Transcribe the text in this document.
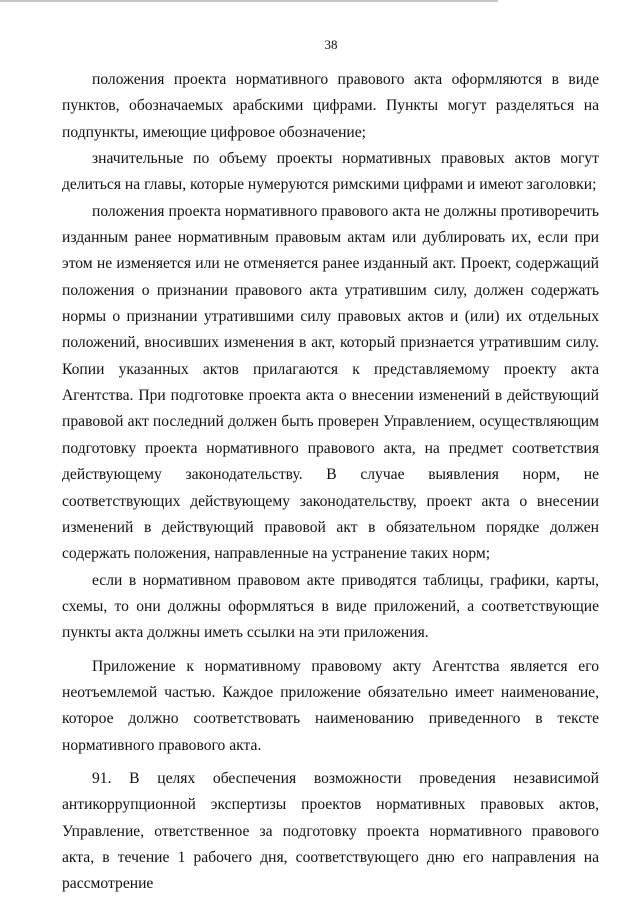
38

положения проекта нормативного правового акта оформляются в виде пунктов, обозначаемых арабскими цифрами. Пункты могут разделяться на подпункты, имеющие цифровое обозначение;

значительные по объему проекты нормативных правовых актов могут делиться на главы, которые нумеруются римскими цифрами и имеют заголовки;

положения проекта нормативного правового акта не должны противоречить изданным ранее нормативным правовым актам или дублировать их, если при этом не изменяется или не отменяется ранее изданный акт. Проект, содержащий положения о признании правового акта утратившим силу, должен содержать нормы о признании утратившими силу правовых актов и (или) их отдельных положений, вносивших изменения в акт, который признается утратившим силу. Копии указанных актов прилагаются к представляемому проекту акта Агентства. При подготовке проекта акта о внесении изменений в действующий правовой акт последний должен быть проверен Управлением, осуществляющим подготовку проекта нормативного правового акта, на предмет соответствия действующему законодательству. В случае выявления норм, не соответствующих действующему законодательству, проект акта о внесении изменений в действующий правовой акт в обязательном порядке должен содержать положения, направленные на устранение таких норм;

если в нормативном правовом акте приводятся таблицы, графики, карты, схемы, то они должны оформляться в виде приложений, а соответствующие пункты акта должны иметь ссылки на эти приложения.

Приложение к нормативному правовому акту Агентства является его неотъемлемой частью. Каждое приложение обязательно имеет наименование, которое должно соответствовать наименованию приведенного в тексте нормативного правового акта.

91. В целях обеспечения возможности проведения независимой антикоррупционной экспертизы проектов нормативных правовых актов, Управление, ответственное за подготовку проекта нормативного правового акта, в течение 1 рабочего дня, соответствующего дню его направления на рассмотрение
